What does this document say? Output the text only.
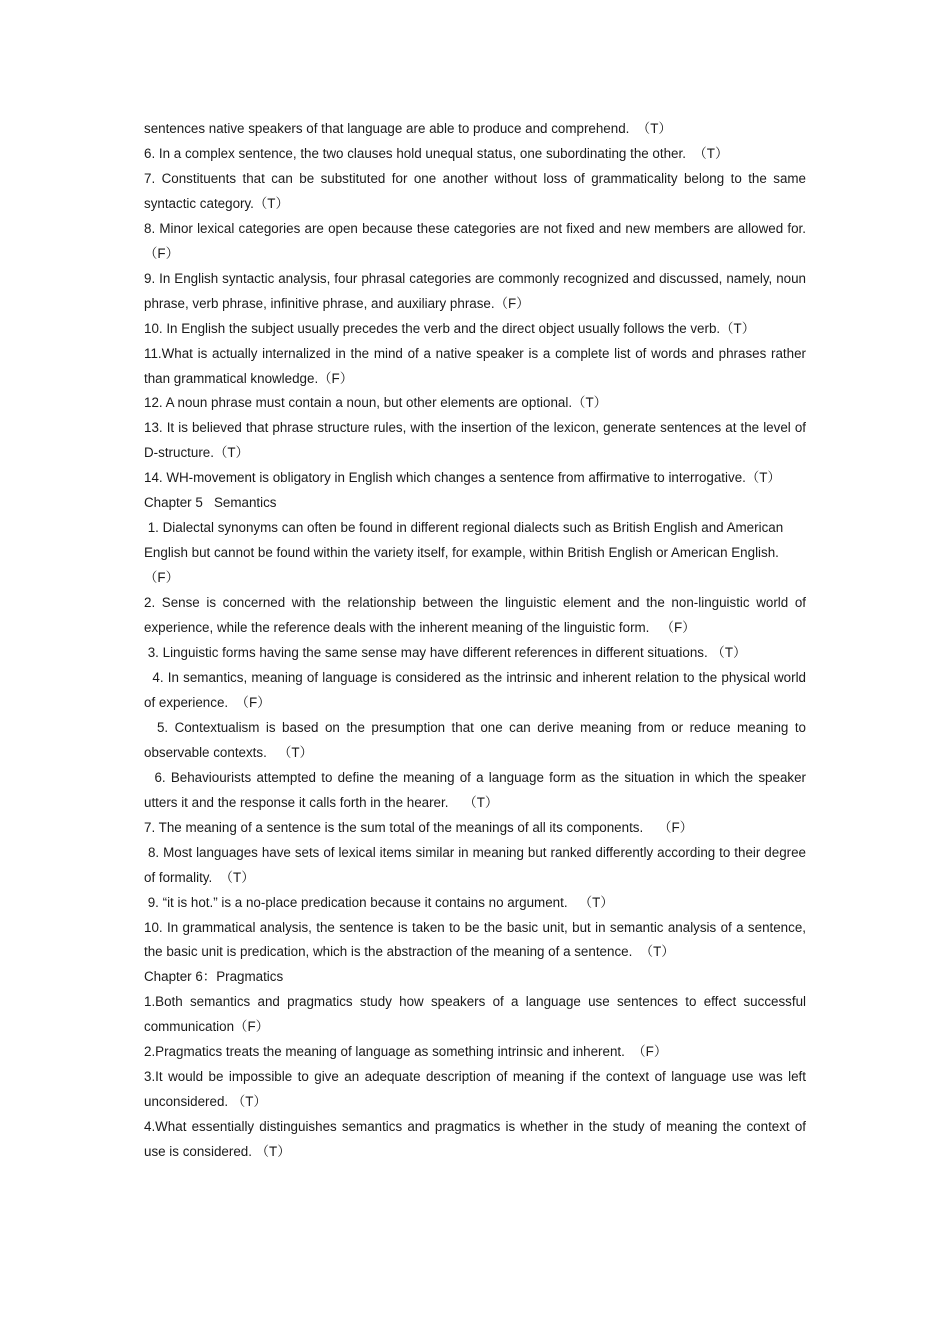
sentences native speakers of that language are able to produce and comprehend.  （T）

6. In a complex sentence, the two clauses hold unequal status, one subordinating the other.  （T）

7. Constituents that can be substituted for one another without loss of grammaticality belong to the same syntactic category.（T）

8. Minor lexical categories are open because these categories are not fixed and new members are allowed for.（F）

9. In English syntactic analysis, four phrasal categories are commonly recognized and discussed, namely, noun phrase, verb phrase, infinitive phrase, and auxiliary phrase.（F）

10. In English the subject usually precedes the verb and the direct object usually follows the verb.（T）

11.What is actually internalized in the mind of a native speaker is a complete list of words and phrases rather than grammatical knowledge.（F）

12. A noun phrase must contain a noun, but other elements are optional.（T）

13. It is believed that phrase structure rules, with the insertion of the lexicon, generate sentences at the level of D-structure.（T）

14. WH-movement is obligatory in English which changes a sentence from affirmative to interrogative.（T）

Chapter 5   Semantics

1. Dialectal synonyms can often be found in different regional dialects such as British English and American English but cannot be found within the variety itself, for example, within British English or American English.   （F）

2. Sense is concerned with the relationship between the linguistic element and the non-linguistic world of experience, while the reference deals with the inherent meaning of the linguistic form.   （F）

3. Linguistic forms having the same sense may have different references in different situations. （T）

4. In semantics, meaning of language is considered as the intrinsic and inherent relation to the physical world of experience.  （F）

5. Contextualism is based on the presumption that one can derive meaning from or reduce meaning to observable contexts.   （T）

6. Behaviourists attempted to define the meaning of a language form as the situation in which the speaker utters it and the response it calls forth in the hearer.    （T）

7. The meaning of a sentence is the sum total of the meanings of all its components.    （F）

8. Most languages have sets of lexical items similar in meaning but ranked differently according to their degree of formality.  （T）

9. “it is hot.” is a no-place predication because it contains no argument.   （T）

10. In grammatical analysis, the sentence is taken to be the basic unit, but in semantic analysis of a sentence, the basic unit is predication, which is the abstraction of the meaning of a sentence.  （T）

Chapter 6：Pragmatics

1.Both semantics and pragmatics study how speakers of a language use sentences to effect successful communication（F）

2.Pragmatics treats the meaning of language as something intrinsic and inherent.  （F）

3.It would be impossible to give an adequate description of meaning if the context of language use was left unconsidered. （T）

4.What essentially distinguishes semantics and pragmatics is whether in the study of meaning the context of use is considered. （T）
